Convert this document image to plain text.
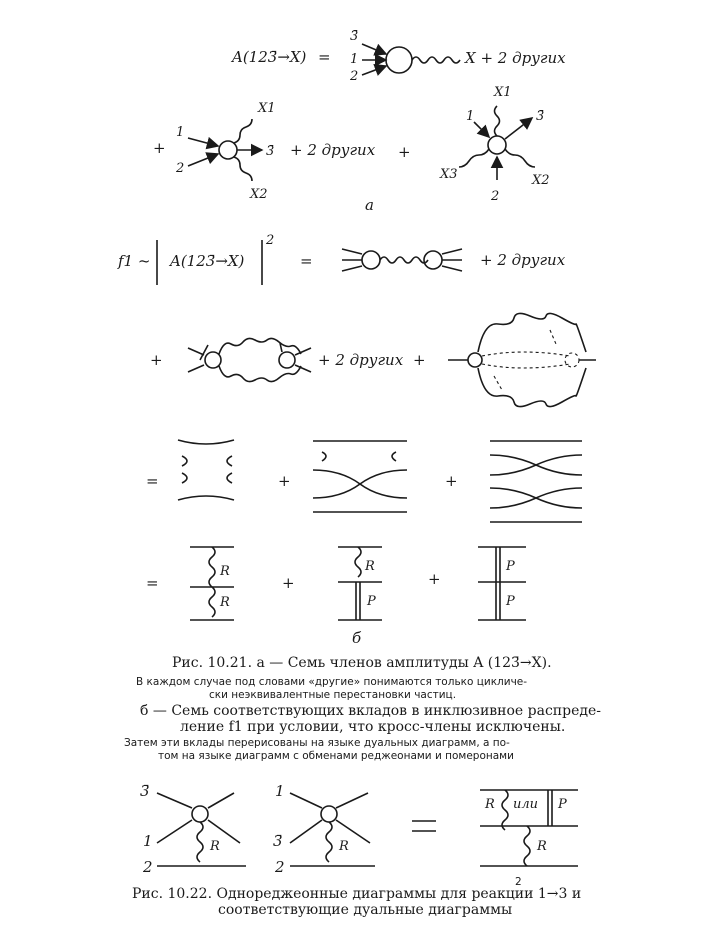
A(123̄→X) =
3̄
1
2
X + 2 других
+
1
2
3̄
X1
X2
+ 2 других +
X1
1	3̄
X3	X2
2
a
f1 ~ A(123̄→X)
2
=	+ 2 других
+	+ 2 других +
=	+	+
=
R
R
+
R
P
+
P
P
б
3̄
1	R
2
1
3̄	R
2
R или P
R
Рис. 10.21. a — Семь членов амплитуды A (123̄→X).
В каждом случае под словами «другие» понимаются только цикличе-
ски неэквивалентные перестановки частиц.
б — Семь соответствующих вкладов в инклюзивное распреде-
ление f1 при условии, что кросс-члены исключены.
Затем эти вклады перерисованы на языке дуальных диаграмм, а по-
том на языке диаграмм с обменами реджеонами и померонами
Рис. 10.22. Однореджеонные диаграммы для реакции 1→3 и
2
соответствующие дуальные диаграммы
